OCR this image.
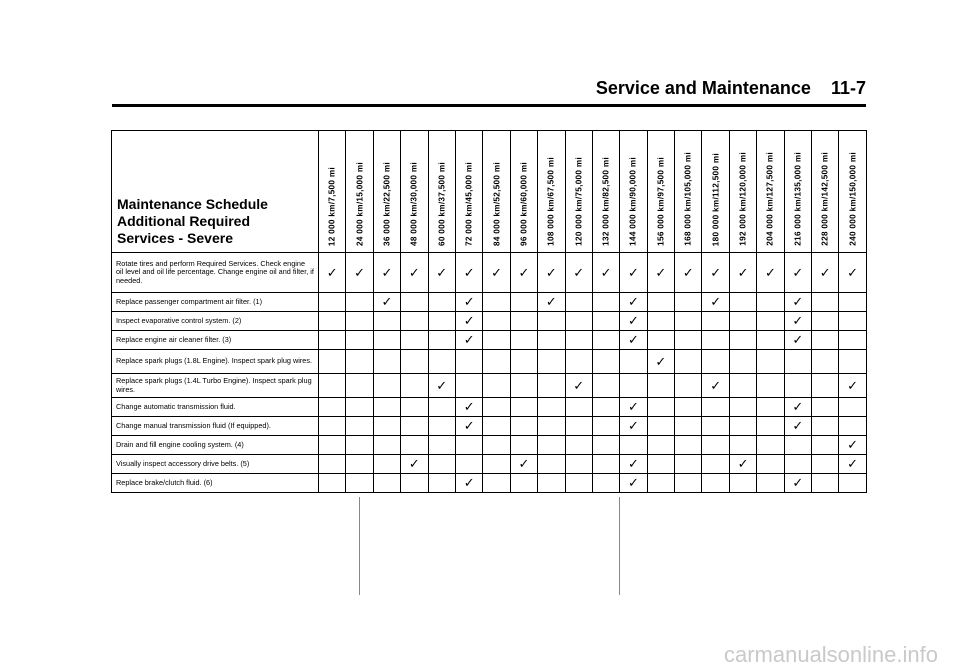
Service and Maintenance 11-7
Maintenance Schedule
Additional Required
Services - Severe	12 000 km/7,500 mi	24 000 km/15,000 mi	36 000 km/22,500 mi	48 000 km/30,000 mi	60 000 km/37,500 mi	72 000 km/45,000 mi	84 000 km/52,500 mi	96 000 km/60,000 mi	108 000 km/67,500 mi	120 000 km/75,000 mi	132 000 km/82,500 mi	144 000 km/90,000 mi	156 000 km/97,500 mi	168 000 km/105,000 mi	180 000 km/112,500 mi	192 000 km/120,000 mi	204 000 km/127,500 mi	216 000 km/135,000 mi	228 000 km/142,500 mi	240 000 km/150,000 mi

Rotate tires and perform Required Services. Check engine oil level and oil life percentage. Change engine oil and filter, if needed.	✓	✓	✓	✓	✓	✓	✓	✓	✓	✓	✓	✓	✓	✓	✓	✓	✓	✓	✓	✓
Replace passenger compartment air filter. (1)			✓			✓			✓			✓			✓			✓		
Inspect evaporative control system. (2)						✓						✓						✓		
Replace engine air cleaner filter. (3)						✓						✓						✓		
Replace spark plugs (1.8L Engine). Inspect spark plug wires.													✓							
Replace spark plugs (1.4L Turbo Engine). Inspect spark plug wires.					✓					✓					✓					✓
Change automatic transmission fluid.						✓						✓						✓		
Change manual transmission fluid (If equipped).						✓						✓						✓		
Drain and fill engine cooling system. (4)																				✓
Visually inspect accessory drive belts. (5)				✓				✓				✓				✓				✓
Replace brake/clutch fluid. (6)						✓						✓						✓		
carmanualsonline.info
